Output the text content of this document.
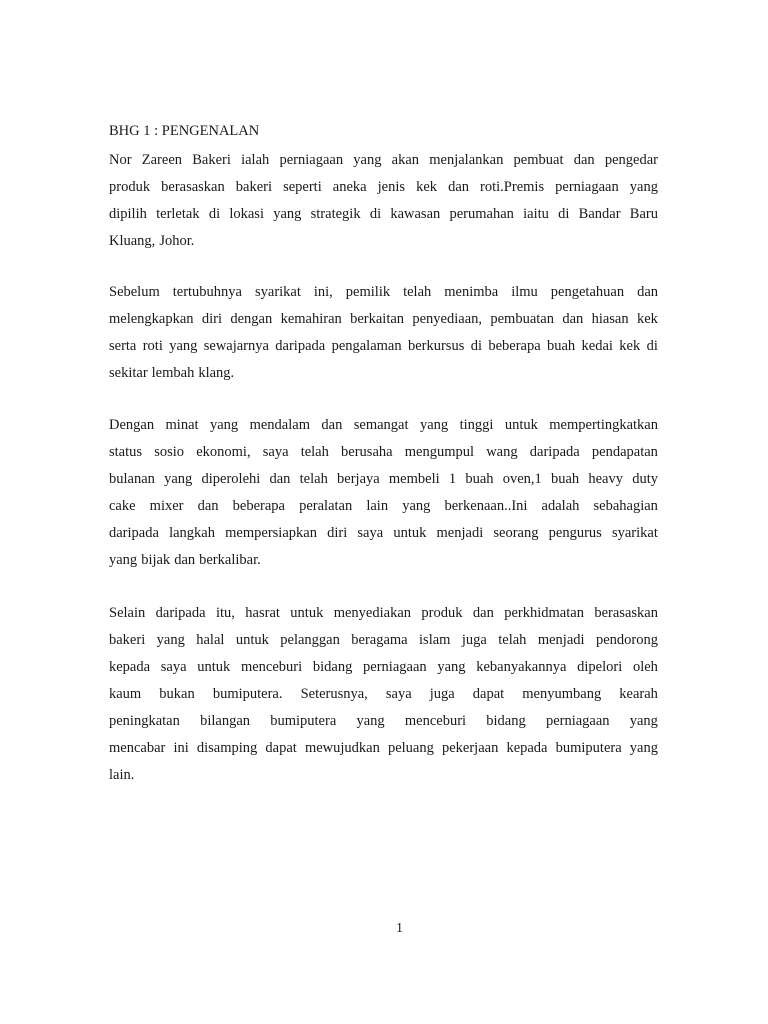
BHG 1 : PENGENALAN
Nor Zareen Bakeri ialah perniagaan yang akan menjalankan pembuat dan pengedar
produk berasaskan bakeri seperti aneka jenis kek dan roti.Premis perniagaan yang
dipilih terletak di lokasi yang strategik di kawasan perumahan iaitu di Bandar Baru
Kluang, Johor.
Sebelum tertubuhnya syarikat ini, pemilik telah menimba ilmu pengetahuan dan
melengkapkan diri dengan kemahiran berkaitan penyediaan, pembuatan dan hiasan kek
serta roti yang sewajarnya daripada pengalaman berkursus di beberapa buah kedai kek di
sekitar lembah klang.
Dengan minat yang mendalam dan semangat yang tinggi untuk mempertingkatkan
status sosio ekonomi, saya telah berusaha mengumpul wang daripada pendapatan
bulanan yang diperolehi dan telah berjaya membeli 1 buah oven,1 buah heavy duty
cake mixer dan beberapa peralatan lain yang berkenaan..Ini adalah sebahagian
daripada langkah mempersiapkan diri saya untuk menjadi seorang pengurus syarikat
yang bijak dan berkalibar.
Selain daripada itu, hasrat untuk menyediakan produk dan perkhidmatan berasaskan
bakeri yang halal untuk pelanggan beragama islam juga telah menjadi pendorong
kepada saya untuk menceburi bidang perniagaan yang kebanyakannya dipelori oleh
kaum bukan bumiputera. Seterusnya, saya juga dapat menyumbang kearah
peningkatan bilangan bumiputera yang menceburi bidang perniagaan yang
mencabar ini disamping dapat mewujudkan peluang pekerjaan kepada bumiputera yang
lain.
1
